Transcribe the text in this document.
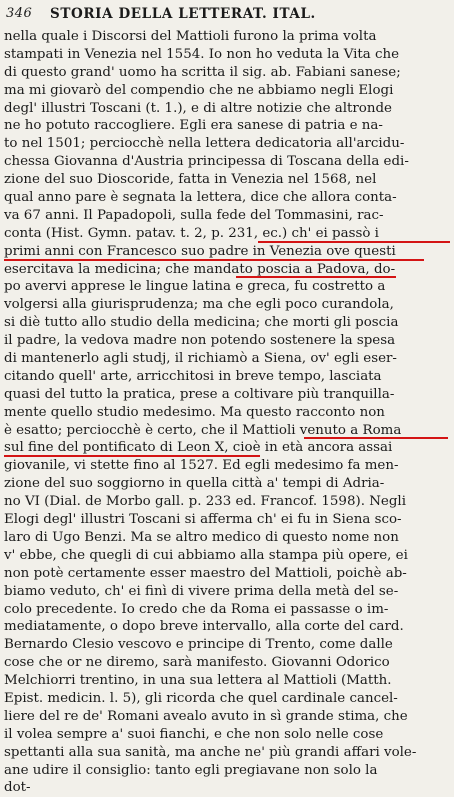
346 STORIA DELLA LETTERAT. ITAL.
nella quale i Discorsi del Mattioli furono la prima volta
stampati in Venezia nel 1554. Io non ho veduta la Vita che
di questo grand' uomo ha scritta il sig. ab. Fabiani sanese;
ma mi giovarò del compendio che ne abbiamo negli Elogi
degl' illustri Toscani (t. 1.), e di altre notizie che altronde
ne ho potuto raccogliere. Egli era sanese di patria e na-
to nel 1501; perciocchè nella lettera dedicatoria all'arcidu-
chessa Giovanna d'Austria principessa di Toscana della edi-
zione del suo Dioscoride, fatta in Venezia nel 1568, nel
qual anno pare è segnata la lettera, dice che allora conta-
va 67 anni. Il Papadopoli, sulla fede del Tommasini, rac-
conta (Hist. Gymn. patav. t. 2, p. 231, ec.) ch' ei passò i
primi anni con Francesco suo padre in Venezia ove questi
esercitava la medicina; che mandato poscia a Padova, do-
po avervi apprese le lingue latina e greca, fu costretto a
volgersi alla giurisprudenza; ma che egli poco curandola,
si diè tutto allo studio della medicina; che morti gli poscia
il padre, la vedova madre non potendo sostenere la spesa
di mantenerlo agli studj, il richiamò a Siena, ov' egli eser-
citando quell' arte, arricchitosi in breve tempo, lasciata
quasi del tutto la pratica, prese a coltivare più tranquilla-
mente quello studio medesimo. Ma questo racconto non
è esatto; perciocchè è certo, che il Mattioli venuto a Roma
sul fine del pontificato di Leon X, cioè in età ancora assai
giovanile, vi stette fino al 1527. Ed egli medesimo fa men-
zione del suo soggiorno in quella città a' tempi di Adria-
no VI (Dial. de Morbo gall. p. 233 ed. Francof. 1598). Negli
Elogi degl' illustri Toscani si afferma ch' ei fu in Siena sco-
laro di Ugo Benzi. Ma se altro medico di questo nome non
v' ebbe, che quegli di cui abbiamo alla stampa più opere, ei
non potè certamente esser maestro del Mattioli, poichè ab-
biamo veduto, ch' ei finì di vivere prima della metà del se-
colo precedente. Io credo che da Roma ei passasse o im-
mediatamente, o dopo breve intervallo, alla corte del card.
Bernardo Clesio vescovo e principe di Trento, come dalle
cose che or ne diremo, sarà manifesto. Giovanni Odorico
Melchiorri trentino, in una sua lettera al Mattioli (Matth.
Epist. medicin. l. 5), gli ricorda che quel cardinale cancel-
liere del re de' Romani avealo avuto in sì grande stima, che
il volea sempre a' suoi fianchi, e che non solo nelle cose
spettanti alla sua sanità, ma anche ne' più grandi affari vole-
ane udire il consiglio: tanto egli pregiavane non solo la
dot-
